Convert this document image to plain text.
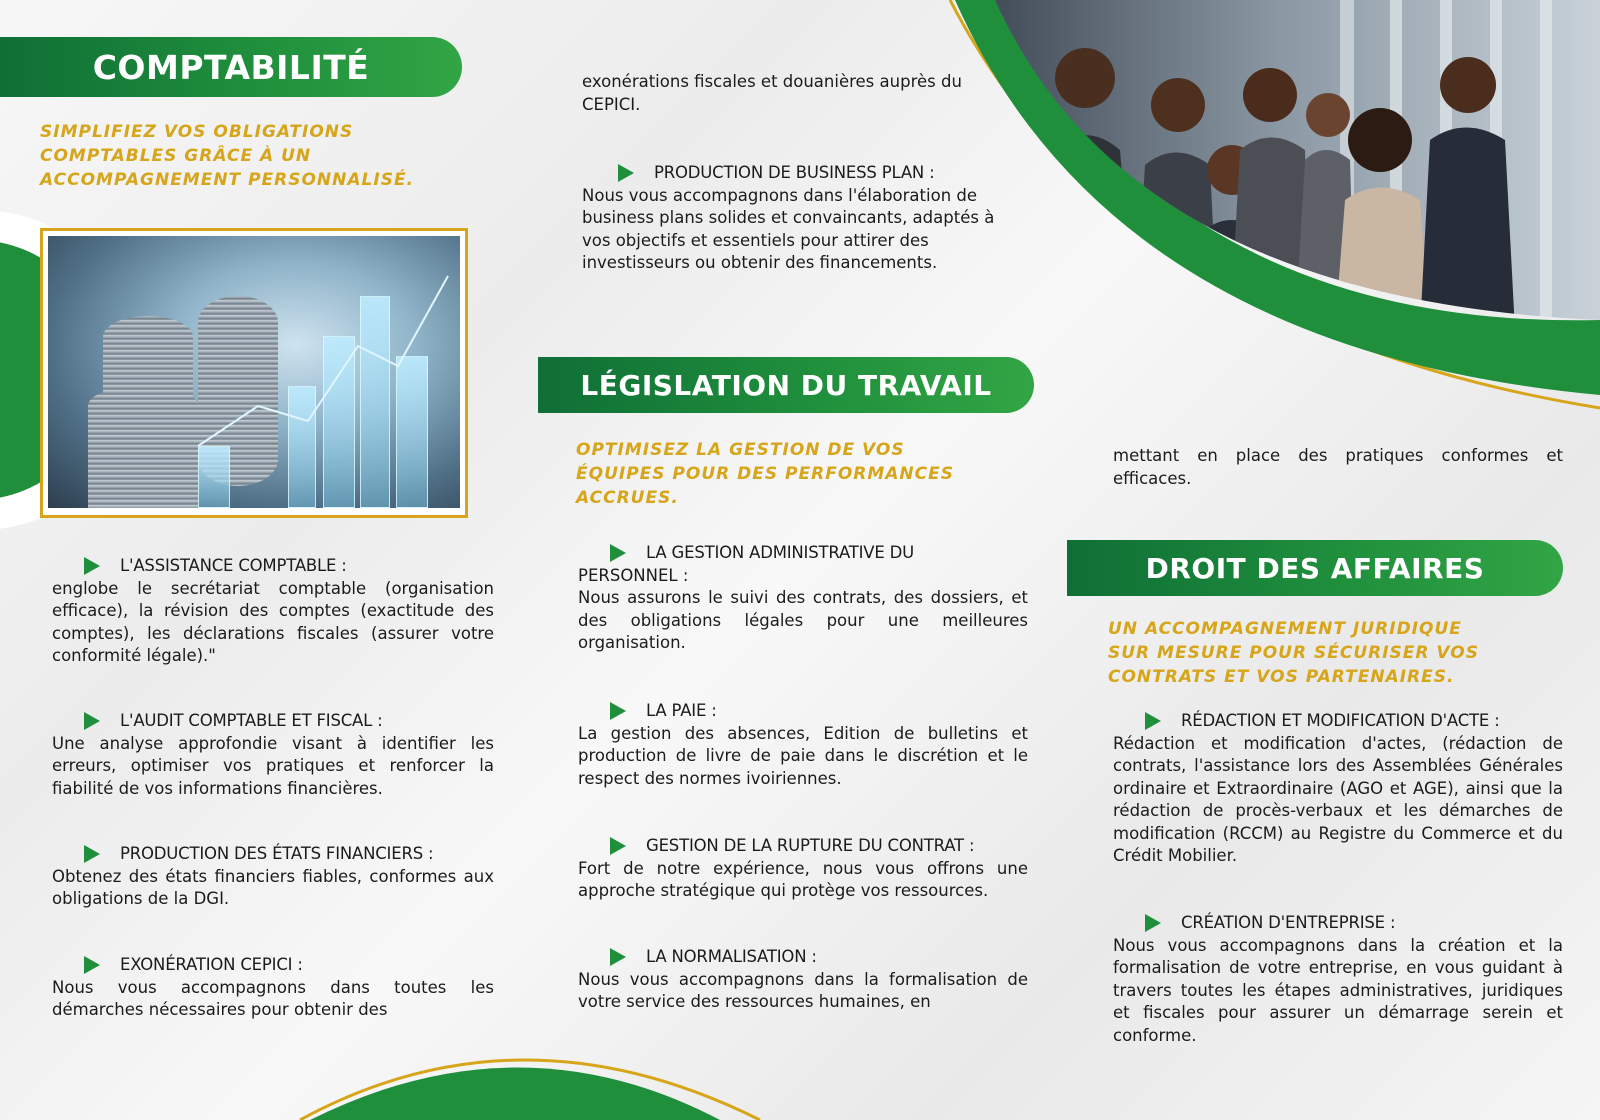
COMPTABILITÉ
SIMPLIFIEZ VOS OBLIGATIONS
COMPTABLES GRÂCE À UN
ACCOMPAGNEMENT PERSONNALISÉ.
L'ASSISTANCE COMPTABLE :
englobe le secrétariat comptable (organisation efficace), la révision des comptes (exactitude des comptes), les déclarations fiscales (assurer votre conformité légale)."
L'AUDIT COMPTABLE ET FISCAL :
Une analyse approfondie visant à identifier les erreurs, optimiser vos pratiques et renforcer la fiabilité de vos informations financières.
PRODUCTION DES ÉTATS FINANCIERS :
Obtenez des états financiers fiables, conformes aux obligations de la DGI.
EXONÉRATION CEPICI :
Nous vous accompagnons dans toutes les démarches nécessaires pour obtenir des
exonérations fiscales et douanières auprès du CEPICI.
PRODUCTION DE BUSINESS PLAN :
Nous vous accompagnons dans l'élaboration de business plans solides et convaincants, adaptés à vos objectifs et essentiels pour attirer des investisseurs ou obtenir des financements.
LÉGISLATION DU TRAVAIL
OPTIMISEZ LA GESTION DE VOS
ÉQUIPES POUR DES PERFORMANCES
ACCRUES.
LA GESTION ADMINISTRATIVE DU
PERSONNEL :
Nous assurons le suivi des contrats, des dossiers, et des obligations légales pour une meilleures organisation.
LA PAIE :
La gestion des absences, Edition de bulletins et production de livre de paie dans le discrétion et le respect des normes ivoiriennes.
GESTION DE LA RUPTURE DU CONTRAT :
Fort de notre expérience, nous vous offrons une approche stratégique qui protège vos ressources.
LA NORMALISATION :
Nous vous accompagnons dans la formalisation de votre service des ressources humaines, en
mettant en place des pratiques conformes et efficaces.
DROIT DES AFFAIRES
UN ACCOMPAGNEMENT JURIDIQUE
SUR MESURE POUR SÉCURISER VOS
CONTRATS ET VOS PARTENAIRES.
RÉDACTION ET MODIFICATION D'ACTE :
Rédaction et modification d'actes, (rédaction de contrats, l'assistance lors des Assemblées Générales ordinaire et Extraordinaire (AGO et AGE), ainsi que la rédaction de procès-verbaux et les démarches de modification (RCCM) au Registre du Commerce et du Crédit Mobilier.
CRÉATION D'ENTREPRISE :
Nous vous accompagnons dans la création et la formalisation de votre entreprise, en vous guidant à travers toutes les étapes administratives, juridiques et fiscales pour assurer un démarrage serein et conforme.
